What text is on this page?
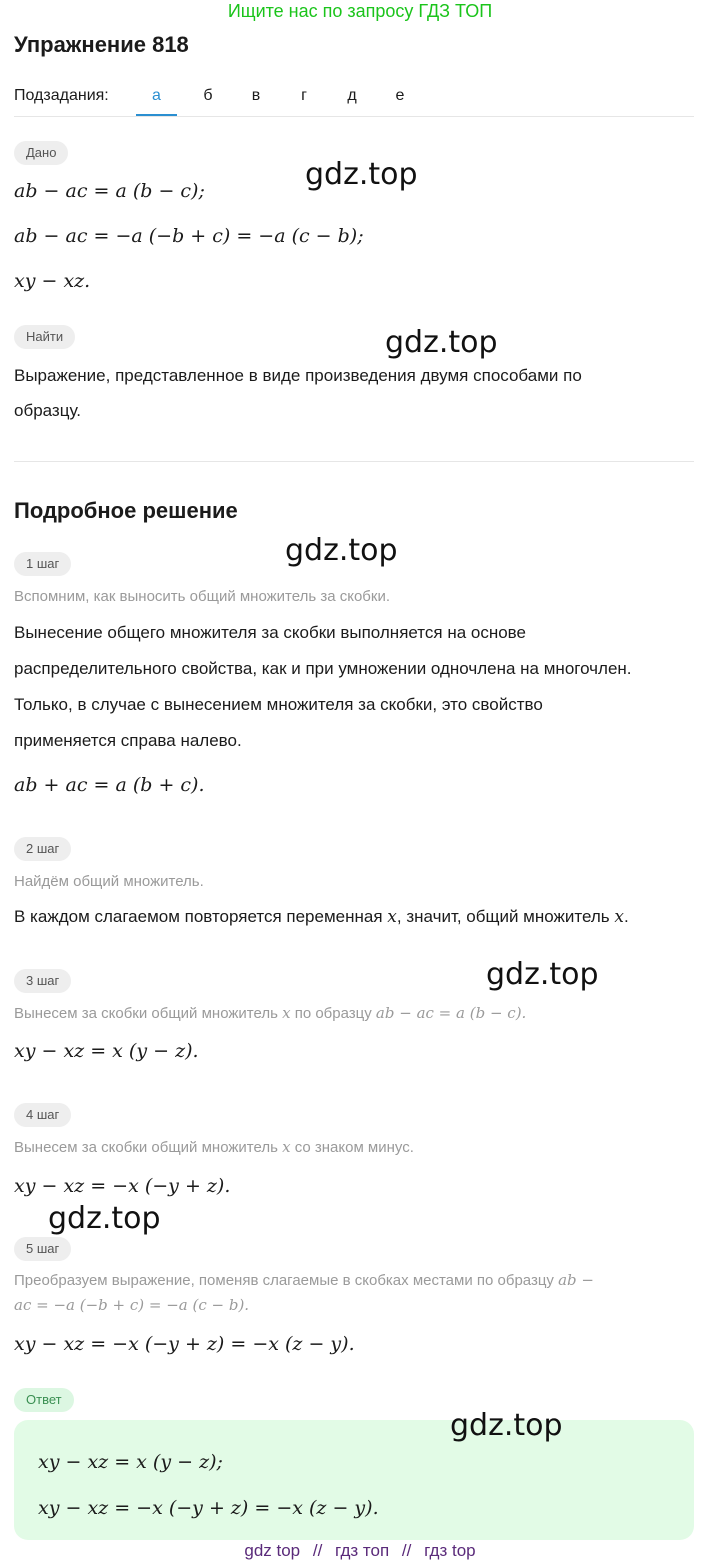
Ищите нас по запросу ГДЗ ТОП
Упражнение 818
Подзадания:	а	б	в	г	д	е
Дано
ab − ac = a (b − c);
ab − ac = −a (−b + c) = −a (c − b);
xy − xz.
Найти
Выражение, представленное в виде произведения двумя способами по
образцу.
Подробное решение
1 шаг
Вспомним, как выносить общий множитель за скобки.
Вынесение общего множителя за скобки выполняется на основе
распределительного свойства, как и при умножении одночлена на многочлен.
Только, в случае с вынесением множителя за скобки, это свойство
применяется справа налево.
ab + ac = a (b + c).
2 шаг
Найдём общий множитель.
В каждом слагаемом повторяется переменная x, значит, общий множитель x.
3 шаг
Вынесем за скобки общий множитель x по образцу ab − ac = a (b − c).
xy − xz = x (y − z).
4 шаг
Вынесем за скобки общий множитель x со знаком минус.
xy − xz = −x (−y + z).
5 шаг
Преобразуем выражение, поменяв слагаемые в скобках местами по образцу ab −
ac = −a (−b + c) = −a (c − b).
xy − xz = −x (−y + z) = −x (z − y).
Ответ
xy − xz = x (y − z);
xy − xz = −x (−y + z) = −x (z − y).
gdz.top
gdz.top
gdz.top
gdz.top
gdz.top
gdz.top
gdz top // гдз топ // гдз top
